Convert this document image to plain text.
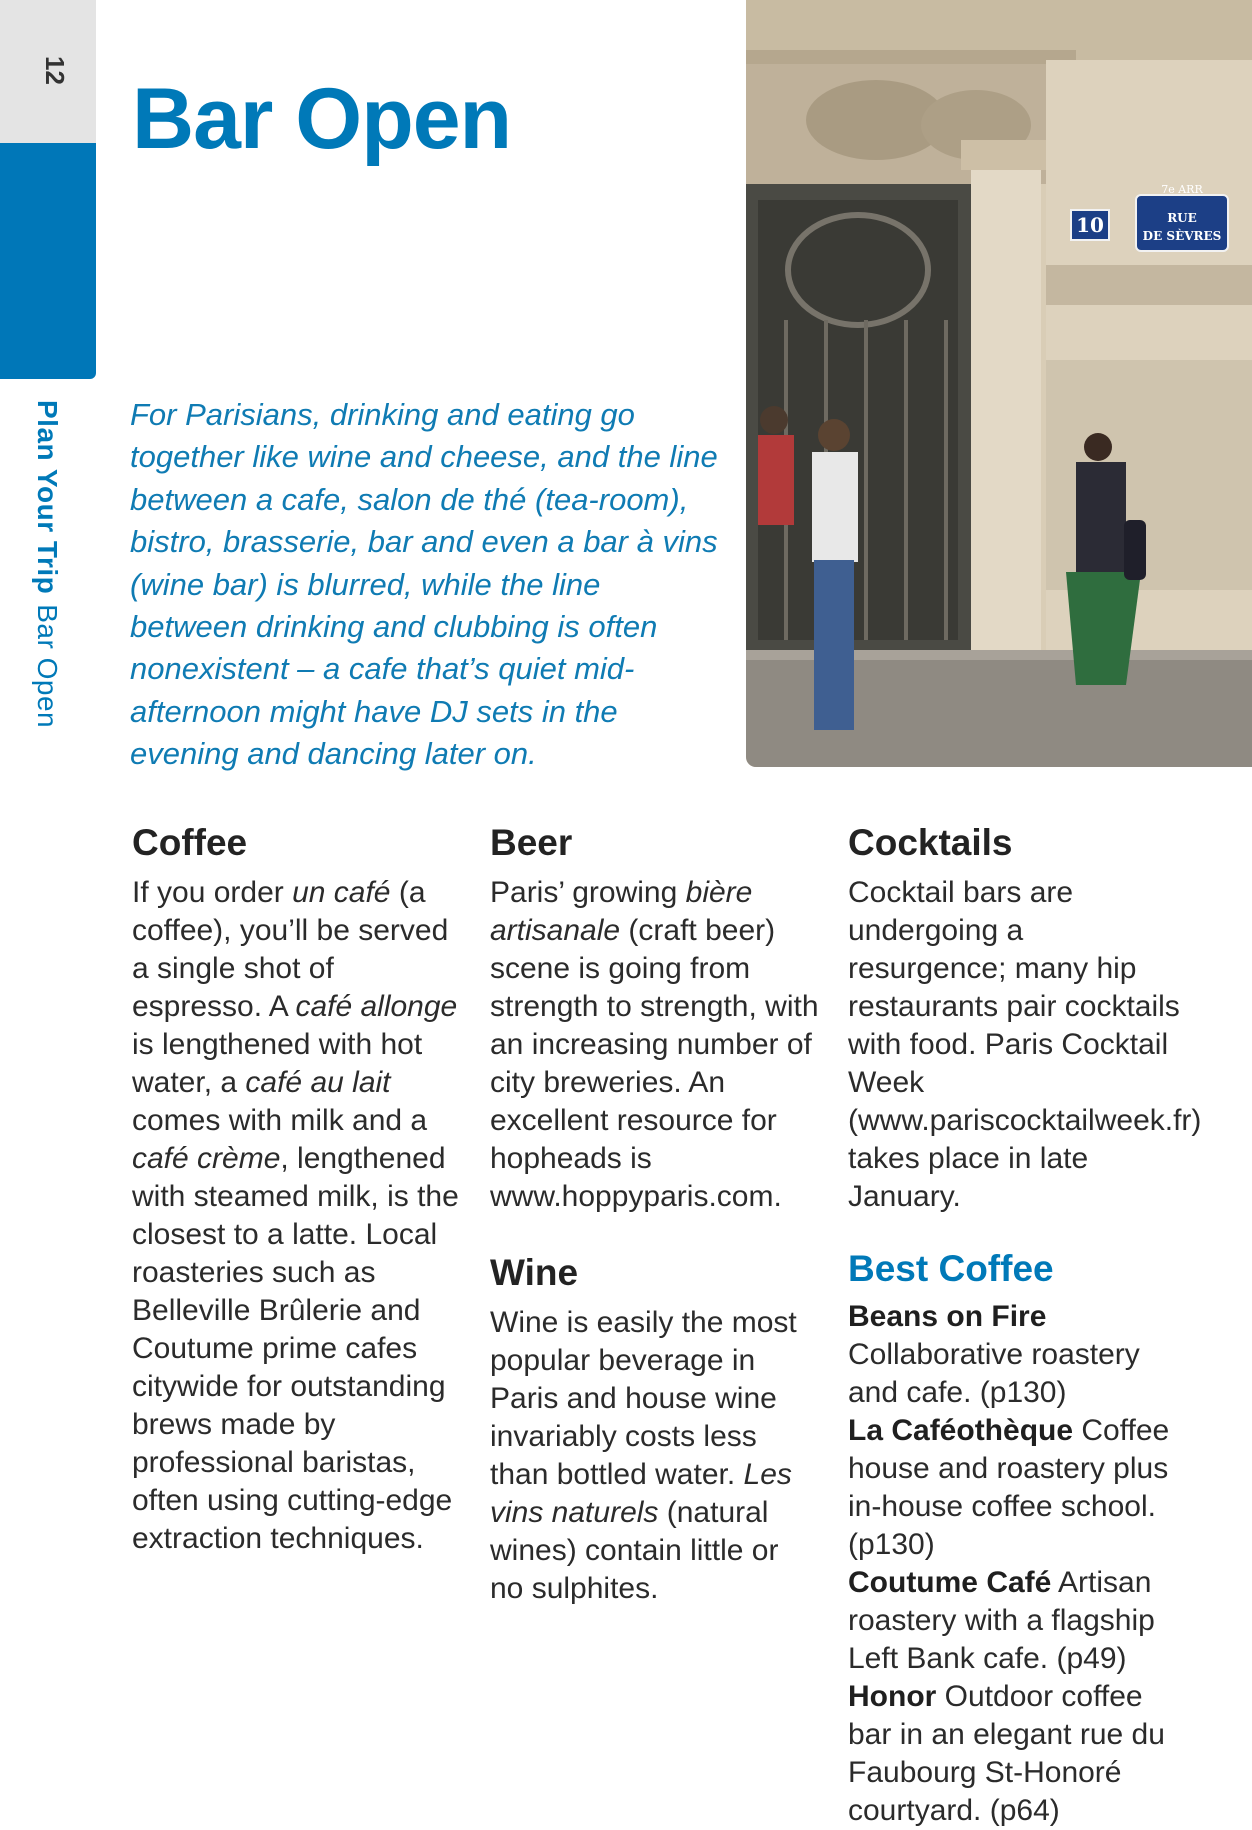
12
Plan Your TripBar Open
Bar Open

For Parisians, drinking and eating go together like wine and cheese, and the line between a cafe, salon de thé (tea-room), bistro, brasserie, bar and even a bar à vins (wine bar) is blurred, while the line between drinking and clubbing is often nonexistent – a cafe that’s quiet mid-afternoon might have DJ sets in the evening and dancing later on.

10
7e ARR
RUE
DE SÈVRES
Coffee

If you order un café (a coffee), you’ll be served a single shot of espresso. A café allonge is lengthened with hot water, a café au lait comes with milk and a café crème, lengthened with steamed milk, is the closest to a latte. Local roasteries such as Belleville Brûlerie and Coutume prime cafes citywide for outstanding brews made by professional baristas, often using cutting-edge extraction techniques.

Beer

Paris’ growing bière artisanale (craft beer) scene is going from strength to strength, with an increasing number of city breweries. An excellent resource for hopheads is www.hoppyparis.com.

Wine

Wine is easily the most popular beverage in Paris and house wine invariably costs less than bottled water. Les vins naturels (natural wines) contain little or no sulphites.

Cocktails

Cocktail bars are undergoing a resurgence; many hip restaurants pair cocktails with food. Paris Cocktail Week (www.pariscocktailweek.fr) takes place in late January.

Best Coffee

Beans on Fire Collaborative roastery and cafe. (p130)

La Caféothèque Coffee house and roastery plus in-house coffee school. (p130)

Coutume Café Artisan roastery with a flagship Left Bank cafe. (p49)

Honor Outdoor coffee bar in an elegant rue du Faubourg St-Honoré courtyard. (p64)
